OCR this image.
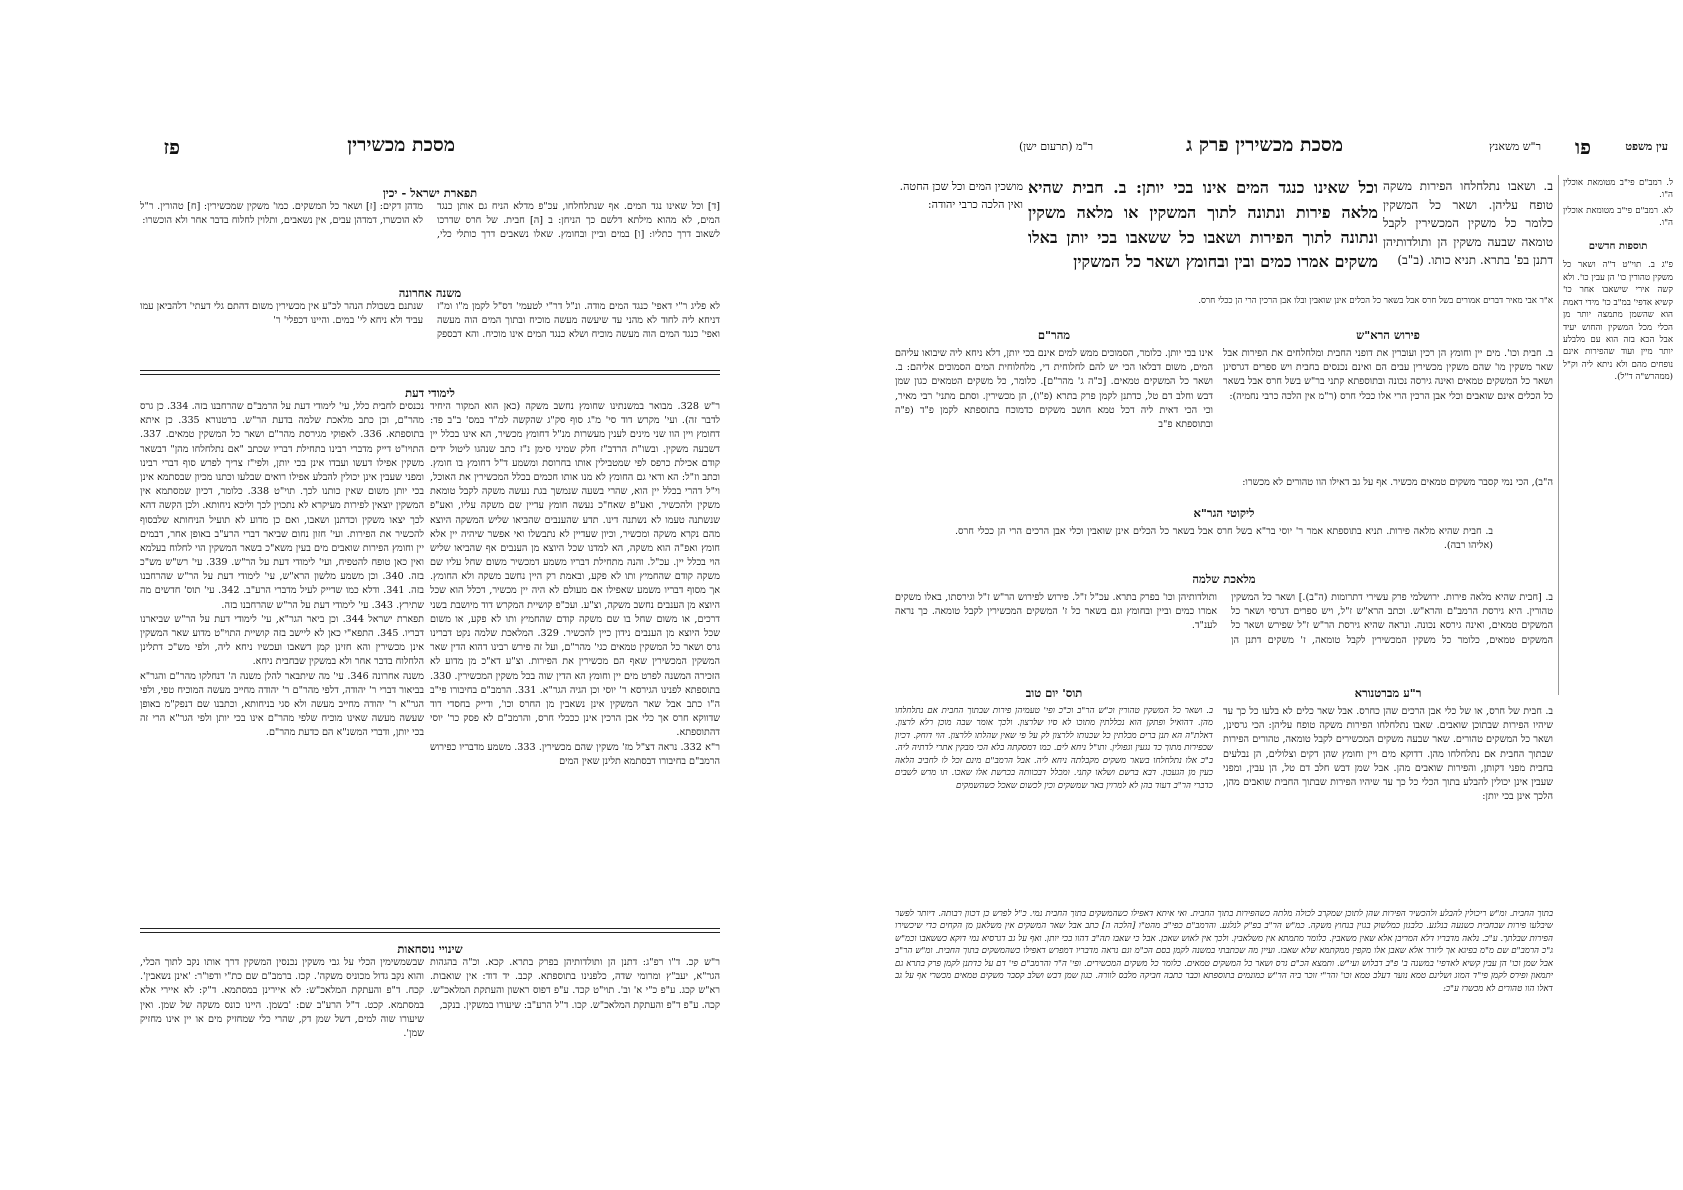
פו	עין משפט
ר"ש משאנץ
מסכת מכשירין פרק ג
ר"מ (תרעום ישן)
ל. רמב"ם פי"ב מטומאת אוכלין ה"ו.
לא. רמב"ם פי"ב מטומאת אוכלין ה"ו.
תוספות חדשים
פ"ג ב. תוי"ט ד"ה ושאר כל משקין טהורין כו' הן עבין כו'. ולא קשה אירי שישאבו אחר כו' קשיא אדפי' במ"ב כו' מידי דאמת הוא שהשמן מתמצה יותר מן הכלי מכל המשקין והחוש יעיד אבל הכא בזה הוא עם מלבלע יותר מיין ועוד שהפירות אינם נופחים מהם ולא ניתא ליה וק"ל (ממהרש"ה ד"ל).
ב. ושאבו נתלחלחו הפירות משקה טופח עליהן. ושאר כל המשקין כלומר כל משקין המכשירין לקבל טומאה שבעה משקין הן ותולדותיהן דתנן בפ' בתרא. תניא כותו. (ב"ב)
וכל שאינו כנגד המים אינו בכי יותן: ב. חבית שהיא מלאה פירות ונתונה לתוך המשקין או מלאה משקין ונתונה לתוך הפירות ושאבו כל ששאבו בכי יותן באלו משקים אמרו כמים ובין ובחומץ ושאר כל המשקין
מושכין המים וכל שכן החטה. ואין הלכה כרבי יהודה:
א"ר אבי מאיר דברים אמורים בשל חרס אבל בשאר כל הכלים אינן שואבין ובלו אבן הרכין הרי הן ככלי חרס.
פירוש הרא"ש
ב. חבית וכו'. מים יין וחומץ הן רכין ועוברין את דופני החבית ומלחלחים את הפירות אבל שאר משקין מו' שהם משקין מכשירין עבים הם ואינם נכנסים בחבית ויש ספרים דגרסינן ושאר כל המשקים טמאים ואינה גירסה נכונה ובתוספתא קתני בר"ש בשל חרס אבל בשאר כל הכלים אינם שואבים וכלי אבן הרכין הרי אלו ככלי חרס (ר"מ אין הלכה כרבי נחמיה):
מהר"ם
אינו בכי יותן. כלומר, הסמוכים ממש למים אינם בכי יותן, דלא ניחא ליה שיבואו עליהם המים, משום דבלאו הכי יש להם לחלוחית די, מלחלוחית המים הסמוכים אליהם: ב. ושאר כל המשקים טמאים. [כ"ה ג' מהר"ם]. כלומר, כל משקים הטמאים כגון שמן דבש וחלב דם טל, כדתנן לקמן פרק בתרא (פ"ו), הן מכשירין. וסתם מתני' רבי מאיר, וכי הכי דאית ליה דכל טמא חושב משקים כדמוכח בתוספתא לקמן פ"ד (פ"ה ובתוספתא פ"ב
ה"ב), הכי נמי קסבר משקים טמאים מכשיר. אף על גב דאילו הוו טהורים לא מכשרו:
ליקוטי הגר"א
ב. חבית שהיא מלאה פירות. תניא בתוספתא אמר ר' יוסי בר"א בשל חרס אבל בשאר כל הכלים אינן שואבין וכלי אבן הרכים הרי הן ככלי חרס. (אליהו רבה).
מלאכת שלמה
ב. [חבית שהיא מלאה פירות. ירושלמי פרק עשירי דתרומות (ה"ב).] ושאר כל המשקין טהורין. היא גירסת הרמב"ם והרא"ש. וכתב הרא"ש ז"ל, ויש ספרים דגרסי ושאר כל המשקים טמאים, ואינה גירסא נכונה. ונראה שהיא גירסת הר"ש ז"ל שפירש ושאר כל המשקים טמאים, כלומר כל משקין המכשירין לקבל טומאה, ז' משקים דתנן הן ותולדותיהן וכו' בפרק בתרא. עכ"ל ז"ל. פירוש לפירוש הר"ש ז"ל וגירסתו, באלו משקים אמרו כמים וביין ובחומץ וגם בשאר כל ז' המשקים המכשירין לקבל טומאה. כך נראה לענ"ד.
ר"ע מברטנורא
ב. חבית של חרס, או של כלי אבן הרכים שהן כחרס. אבל שאר כלים לא בלעו כל כך עד שיהיו הפירות שבתוכן שואבים. שאבו נתלחלחו הפירות משקה טופח עליהן: הכי גרסינן, ושאר כל המשקים טהורים. שאר שבעה משקים המכשירים לקבל טומאה, טהורים הפירות שבתוך החבית אם נתלחלחו מהן. דדוקא מים ויין וחומץ שהן דקים וצלולים, הן נבלעים בחבית מפני דקותן, והפירות שואבים מהן. אבל שמן דבש חלב דם טל, הן עבין, ומפני שעבין אינן יכולין להבלע בתוך הכלי כל כך עד שיהיו הפירות שבתוך החבית שואבים מהן, הלכך אינן בכי יותן:
תוס' יום טוב
ב. ושאר כל המשקין טהורין וכ"ש הר"ב וכ"כ ופי' טעמיהן פירות שבתוך החבית אם נתלחלחו מהן. דהואיל ופתקן הוא נכללתין מתוכו לא סיו שלרצון. ולכך אומר שבה מוכן רלא לרצון. דאלת"ה הא תנן ברים מכלתין כל שכנותו ללרצון לק על פי שאין שהלתו ללרצון. הוי דוחק. דכיון שכפירות מתוך כד נגעין וגפולין. ותו"ל ניחא לים. כמו דמסקתה בלא הכי מבקין אתרי לדתיה ליה. ב"כ אלו נתלחלחו בשאר משקים מקבלתה ניחא ליה. אבל הרמב"ם מינם זכל לו לחביב הלאה כעין מן הגעכון. דבא ברשם ושלאו קתני. ומכלל דבכוותה בכרשת אלו שאכו. תו מרש לשבים כדברי הר"ב דעוד בהן לא למרוין באר שמשקים וכין לכשום שאכל כשהשמקים
בתוך החבית. ומ"ש ריכולין להבלע ולהכשיר הפירות שהן לתוכן שמקרב לכולה מלתה כשהפירות בתוך החבית. ואי איתא דאפילו כשהמשקים בתוך החבית נמי. כ"ל לפרש כן דכוון רבותה. דיותר לפשר שיבלעו פירות שבחבית כשנעה בנלגע. כלבגון כמלשוק בגוין בנחוץ משקה. כמ"ש הר"ב בפ"ק לנלגע. והרמב"ם כפי"ב מהט"ו [הלכה ה] כתב אבל שאר המשקים אין משלאנן מן הקחים כדי שיכשירו הפירות שבלתך. ע"כ. נלאה מדבריו דלא המריבן אלא שאין משאבין. כלומר מתמתא אין משלאבין. ולכך אין לאוש שאכן. אבל כי שאבו תה"ב דהוו בכי יותן. ואף על גב דגרסיא נמי דוקא כששאבו וכמ"ש ג"כ הרמב"ם שם מ"מ בפיגא אך ליורר אלא שאבן אלו מקפין ממקתמא שלא שאבו. ועיין מה שכתבתי במשנה לקמן בסם הכ"מ וגם נראה מדבריו דמפרש דאפילו כשהמשקים בתוך החבית. ומ"ש הר"ב אבל שמן וכו' הן עבין קשיא לאדפי' במשנה ב' פ"ב דבלוש ועי"ש. ותמצא הכ"ם גרס ושאר כל המשקים טמאים. כלומר כל משקים המכשירים. ופי' ה"ר והרמב"ם פי' דם על כדתנן לקמן פרק בתרא גם יתמאון ופירס לקמן פי"ד המוג ושלינם טמא נוער דעלב טמא וכו' והר"י זוכר ביה הר"ש כמונמים בתוספתא וכבר כתבה חביקה מלבס לוורה. כגון שמן דבש ושלב קסבר משקים טמאים מכשרי אף על גב דאלו הוו טהורים לא מכשרו ע"כ:
פז	מסכת מכשירין
תפארת ישראל - יכין
[ד] וכל שאינו נגד המים. אף שנתלחלחו, עכ"פ מדלא הניח גם אותן כנגד המים, לא מהוא מילתא דלשם כך הניחן: ב [ה] חבית. של חרס שדרכו לשאוב דרך כתליו: [ו] במים וביין ובחומץ. שאלו נשאבים דרך כותלי כלי, מדהן דקים: [ז] ושאר כל המשקים. כמו' משקין שמכשירין: [ח] טהורין. ר"ל לא הוכשרו, דמדהן עבים, אין נשאבים, ותלוין לחלוח בדבר אחר ולא הוכשרו:
משנה אחרונה
לא פליג ר"י דאפי' כנגד המים מודה. ונ"ל דר"י לטעמי' דס"ל לקמן מ"ו ומ"ז דניחא ליה לחוד לא מהני עד שיעשה מעשה מוכיח ובתוך המים הוה מעשה ואפי' כנגד המים הוה מעשה מוכיח ושלא כנגד המים אינו מוכיח. והא דבספק שנתנם בשבולת הנהר לכ"ע אין מכשירין משום דהתם גלי דעתי' דלהביאן עמו עביד ולא ניחא לי' במים. והיינו דכפלי' ר'
לימודי דעת
ר"ש 328. מבואר במשנתינו שחומץ נחשב משקה (כאן הוא המקור היחיד לדבר זה). ועי' מקרש דוד סי' מ"ג סוף סק"ג שהקשה למ"ד במס' ב"ב פד: דחומץ ויין הוו שני מינים לענין מעשרות מנ"ל דחומץ מכשיר, הא אינו בכלל יין דשבעה משקין. ובשו"ת הרדב"ז חלק שמיני סימן נ"ז כתב שנהגו ליטול ידים קודם אכילת כרפס לפי שמטבילין אותו בחרוסת ומשמע ד"ל דחומץ בו חומץ. וכתב וז"ל: הא ודאי גם החומץ לא מנו אותו חכמים בכלל המכשירין את האוכל, וי"ל דהרי בכלל יין הוא, שהרי בשעה שנמשך בגת נעשה משקה לקבל טומאת משקין ולהכשיר, ואע"פ שאח"כ נעשה חומץ עדיין שם משקה עליו, ואע"פ שנשתנה טעמו לא נשתנה דינו. תדע שהענבים שהביאו שליש המשקה היוצא מהם נקרא משקה ומכשיר, וכיון שעדיין לא נתבשלו ואי אפשר שיהיה יין אלא חומץ ואפ"ה הוא משקה, הא למדנו שכל היוצא מן הענבים אף שהביאו שליש הוי בכלל יין. עכ"ל. והנה מתחילת דבריו משמע דמכשיר משום שחל עליו שם משקה קודם שהחמיץ ותו לא פקע, ובאמת רק היין נחשב משקה ולא החומץ. אך מסוף דבריו משמע שאפילו אם מעולם לא היה יין מכשיר, דכלל הוא שכל היוצא מן הענבים נחשב משקה, וצ"ע. ועכ"פ קושיית המקרש דוד מיושבת בשני דרכים, או משום שחל בו שם משקה קודם שהחמיץ ותו לא פקע, או משום שכל היוצא מן הענבים נידון כיין להכשיר. 329. המלאכת שלמה נקט דברינו גרס ושאר כל המשקין טמאים כגי' מהר"ם, ועל זה פירש רבינו דהוא הדין שאר המשקין המכשירין שאף הם מכשירין את הפירות. וצ"ע דא"כ מן מדוע לא הזכירה המשנה לפרט מים יין וחומץ הא הדין שוה בכל משקין המכשירין. 330. בתוספתא לפנינו הגירסא ר' יוסי וכן הגיה הגר"א. 331. הרמב"ם בחיבורו פי"ב ה"ו כתב אבל שאר המשקין אינן נשאבין מן החרס וכו', ודייק בחסדי דוד שדווקא חרס אך כלי אבן הרכין אינן כככלי חרס, והרמב"ם לא פסק כר' יוסי דהתוספתא.
ר"א 332. נראה דצ"ל מז' משקין שהם מכשירין. 333. משמע מדבריו כפירוש הרמב"ם בחיבורו דבסתמא תלינן שאין המים
נכנסים לחבית כלל, עי' לימודי דעת על הרמב"ם שהרחבנו בזה. 334. כן גרס מהר"ם, וכן כתב מלאכת שלמה בדעת הר"ש. ברטנורא 335. כן איתא בתוספתא. 336. לאפוקי מגירסת מהר"ם ושאר כל המשקין טמאים. 337. התויו"ט דייק מדברי רבינו בתחילת דבריו שכתב "אם נתלחלחו מהן" דבשאר משקין אפילו דעשו ועבדו אינן בכי יותן, ולפי"ז צריך לפרש סוף דברי רבינו ומפני שעבין אינן יכולין להבלע אפילו רואים שבלעו וכתנו מכיון שבסתמא אינן בכי יותן משום שאין כותנו לכך. תוי"ט 338. כלומר, דכיון שמסתמא אין המשקין יוצאין לפירות מעיקרא לא נתכוין לכך וליכא ניחותא. ולכן הקשה דהא לכך יצאו משקין וכדתנן ושאבו, ואם כן מדוע לא תועיל הניחותא שלבסוף להכשיר את הפירות. ועי' חזון נחום שביאר דברי הרע"ב באופן אחר, דבמים יין וחומץ הפירות שואבים מים בעין משא"כ בשאר המשקין הוי לחלוח בעלמא ואין כאן טופח להטפיח, ועי' לימודי דעת על הר"ש. 339. עי' רש"ש מש"כ בזה. 340. וכן משמע מלשון הרא"ש, עי' לימודי דעת על הר"ש שהרחבנו בזה. 341. ודלא כמו שדייק לעיל מדברי הרע"ב. 342. עי' תוס' חדשים מה שתירץ. 343. עי' לימודי דעת על הר"ש שהרחבנו בזה.
תפארת ישראל 344. וכן ביאר הגר"א, עי' לימודי דעת על הר"ש שביארנו דבריו. 345. התפא"י כאן לא ליישב בזה קושיית התוי"ט מדוע שאר המשקין אינן מכשירין והא חזינן קמן דשאבו ועכשיו ניחא ליה, ולפי מש"כ דתלינן הלחלוח בדבר אחר ולא במשקין שבחבית ניחא.
משנה אחרונה 346. עי' מה שיתבאר להלן משנה ה' דנחלקו מהר"ם והגר"א בביאור דברי ר' יהודה, דלפי מהר"ם ר' יהודה מחייב מעשה המוכיח טפי, ולפי הגר"א ר' יהודה מחייב מעשה ולא סגי בניחותא, וכתבנו שם דנפק"מ באופן שעשה מעשה שאינו מוכיח שלפי מהר"ם אינו בכי יותן ולפי הגר"א הרי זה בכי יותן, ודברי המשנ"א הם כדעת מהר"ם.
שינויי נוסחאות
ר"ש קכ. ד"ו רפ"ג: דתנן הן ותולדותיהן בפרק בתרא. קכא. וכ"ה בהגהות הגר"א, יעב"ץ ומרומי שדה, כלפנינו בתוספתא. קכב. יד דוד: אין שואבות. רא"ש קכג. ע"פ כ"י א' וב'. תוי"ט קכד. ע"פ דפוס ראשון והעתקת המלאכ"ש. קכה. ע"פ ד"פ והעתקת המלאכ"ש. קכו. ד"ל הרע"ב: שיעורו במשקין. בנקב,
שבשמשימין הכלי על גבי משקין נכנסין המשקין דרך אותו נקב לתוך הכלי, והוא נקב גדול מכוניס משקה'. קכז. ברמב"ם שם כת"י ודפו"ר: 'אינן נשאבין'. קכח. ד"פ והעתקת המלאכ"ש: לא איירינן במסתמא. ד"ק: לא איירי אלא במסתמא. קכט. ד"ל הרע"ב שם: 'בשמן. היינו כונס משקה של שמן. ואין שיעורו שוה למים, דשל שמן דק, שהרי כלי שמחזיק מים או יין אינו מחזיק שמן'.
